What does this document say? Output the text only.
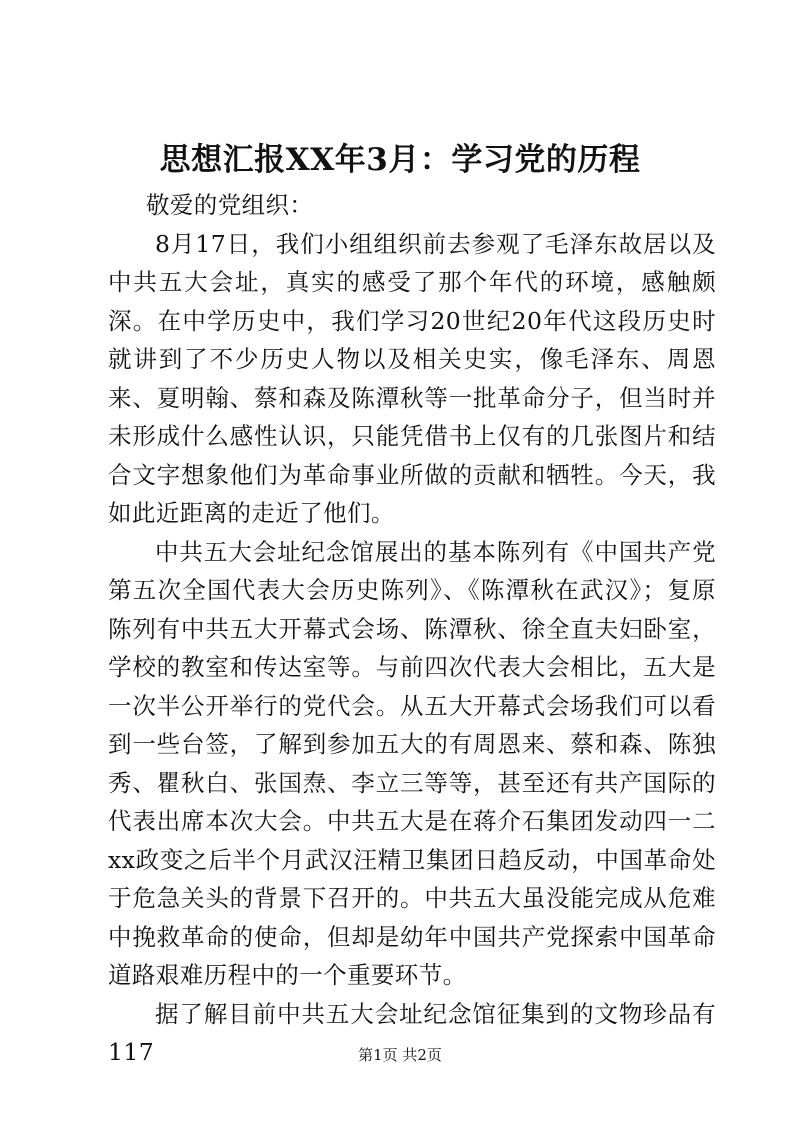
思想汇报XX年3月：学习党的历程

敬爱的党组织：

8月17日，我们小组组织前去参观了毛泽东故居以及中共五大会址，真实的感受了那个年代的环境，感触颇深。在中学历史中，我们学习20世纪20年代这段历史时就讲到了不少历史人物以及相关史实，像毛泽东、周恩来、夏明翰、蔡和森及陈潭秋等一批革命分子，但当时并未形成什么感性认识，只能凭借书上仅有的几张图片和结合文字想象他们为革命事业所做的贡献和牺牲。今天，我如此近距离的走近了他们。

中共五大会址纪念馆展出的基本陈列有《中国共产党第五次全国代表大会历史陈列》、《陈潭秋在武汉》；复原陈列有中共五大开幕式会场、陈潭秋、徐全直夫妇卧室，学校的教室和传达室等。与前四次代表大会相比，五大是一次半公开举行的党代会。从五大开幕式会场我们可以看到一些台签，了解到参加五大的有周恩来、蔡和森、陈独秀、瞿秋白、张国焘、李立三等等，甚至还有共产国际的代表出席本次大会。中共五大是在蒋介石集团发动四一二xx政变之后半个月武汉汪精卫集团日趋反动，中国革命处于危急关头的背景下召开的。中共五大虽没能完成从危难中挽救革命的使命，但却是幼年中国共产党探索中国革命道路艰难历程中的一个重要环节。

据了解目前中共五大会址纪念馆征集到的文物珍品有117	第1页 共2页
